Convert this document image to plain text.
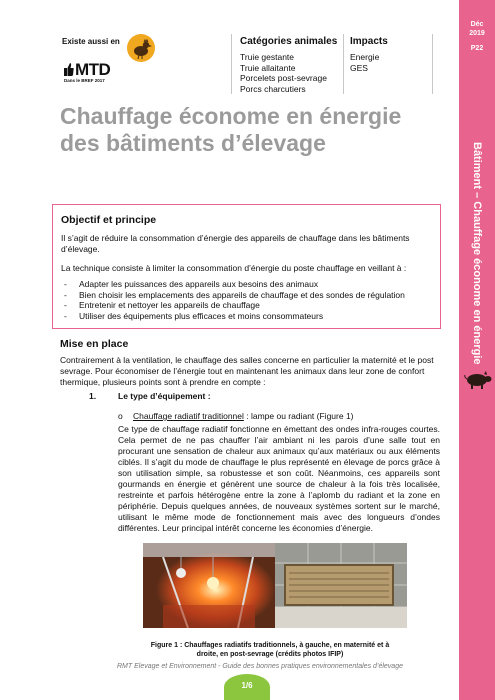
Existe aussi en
MTD
Dans le BREF 2017
Catégories animales
Truie gestante
Truie allaitante
Porcelets post-sevrage
Porcs charcutiers
Impacts
Energie
GES
Déc
2019
P22
Bâtiment – Chauffage économe en énergie
Chauffage économe en énergie
des bâtiments d’élevage
Objectif et principe
Il s’agit de réduire la consommation d’énergie des appareils de chauffage dans les bâtiments d’élevage.
La technique consiste à limiter la consommation d’énergie du poste chauffage en veillant à :
- Adapter les puissances des appareils aux besoins des animaux
- Bien choisir les emplacements des appareils de chauffage et des sondes de régulation
- Entretenir et nettoyer les appareils de chauffage
- Utiliser des équipements plus efficaces et moins consommateurs
Mise en place
Contrairement à la ventilation, le chauffage des salles concerne en particulier la maternité et le post sevrage. Pour économiser de l’énergie tout en maintenant les animaux dans leur zone de confort thermique, plusieurs points sont à prendre en compte :
1.	Le type d’équipement :
o Chauffage radiatif traditionnel : lampe ou radiant (Figure 1)
Ce type de chauffage radiatif fonctionne en émettant des ondes infra-rouges courtes. Cela permet de ne pas chauffer l’air ambiant ni les parois d’une salle tout en procurant une sensation de chaleur aux animaux qu’aux matériaux ou aux éléments ciblés. Il s’agit du mode de chauffage le plus représenté en élevage de porcs grâce à son utilisation simple, sa robustesse et son coût. Néanmoins, ces appareils sont gourmands en énergie et génèrent une source de chaleur à la fois très localisée, restreinte et parfois hétérogène entre la zone à l’aplomb du radiant et la zone en périphérie. Depuis quelques années, de nouveaux systèmes sortent sur le marché, utilisant le même mode de fonctionnement mais avec des longueurs d’ondes différentes. Leur principal intérêt concerne les économies d’énergie.
Figure 1 : Chauffages radiatifs traditionnels, à gauche, en maternité et à
droite, en post-sevrage (crédits photos IFIP)
RMT Elevage et Environnement - Guide des bonnes pratiques environnementales d’élevage
1/6
